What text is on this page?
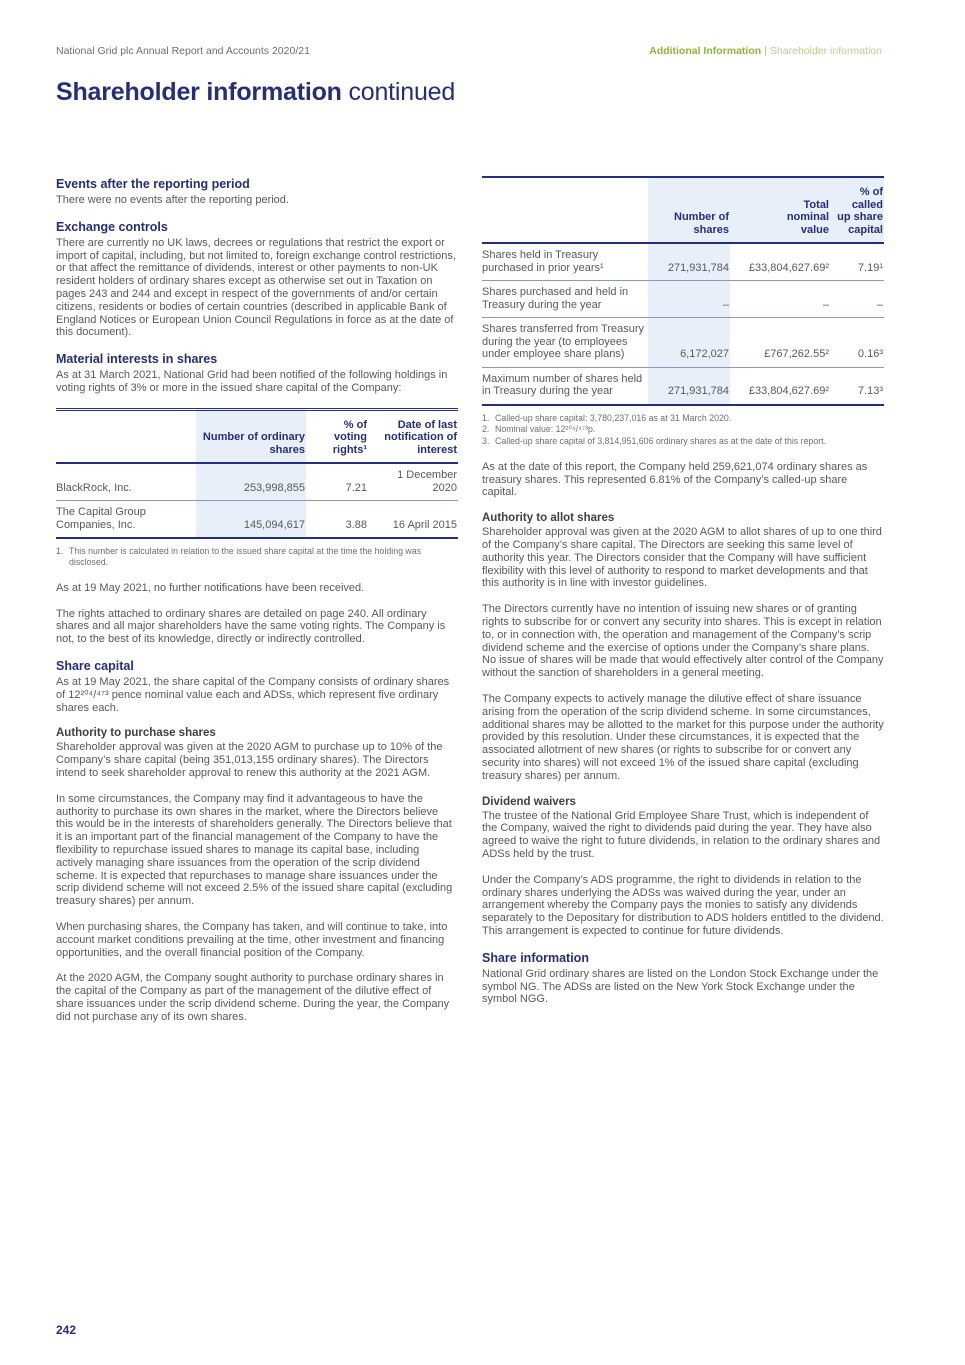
National Grid plc Annual Report and Accounts 2020/21	Additional Information | Shareholder information
Shareholder information continued
Events after the reporting period

There were no events after the reporting period.

Exchange controls

There are currently no UK laws, decrees or regulations that restrict the export or import of capital, including, but not limited to, foreign exchange control restrictions, or that affect the remittance of dividends, interest or other payments to non-UK resident holders of ordinary shares except as otherwise set out in Taxation on pages 243 and 244 and except in respect of the governments of and/or certain citizens, residents or bodies of certain countries (described in applicable Bank of England Notices or European Union Council Regulations in force as at the date of this document).

Material interests in shares

As at 31 March 2021, National Grid had been notified of the following holdings in voting rights of 3% or more in the issued share capital of the Company:

	Number of ordinary shares	% of voting rights¹	Date of last notification of interest
BlackRock, Inc.	253,998,855	7.21	1 December 2020
The Capital Group Companies, Inc.	145,094,617	3.88	16 April 2015
1. This number is calculated in relation to the issued share capital at the time the holding was disclosed.

As at 19 May 2021, no further notifications have been received.

The rights attached to ordinary shares are detailed on page 240. All ordinary shares and all major shareholders have the same voting rights. The Company is not, to the best of its knowledge, directly or indirectly controlled.

Share capital

As at 19 May 2021, the share capital of the Company consists of ordinary shares of 12²⁰⁴/⁴⁷³ pence nominal value each and ADSs, which represent five ordinary shares each.

Authority to purchase shares

Shareholder approval was given at the 2020 AGM to purchase up to 10% of the Company’s share capital (being 351,013,155 ordinary shares). The Directors intend to seek shareholder approval to renew this authority at the 2021 AGM.

In some circumstances, the Company may find it advantageous to have the authority to purchase its own shares in the market, where the Directors believe this would be in the interests of shareholders generally. The Directors believe that it is an important part of the financial management of the Company to have the flexibility to repurchase issued shares to manage its capital base, including actively managing share issuances from the operation of the scrip dividend scheme. It is expected that repurchases to manage share issuances under the scrip dividend scheme will not exceed 2.5% of the issued share capital (excluding treasury shares) per annum.

When purchasing shares, the Company has taken, and will continue to take, into account market conditions prevailing at the time, other investment and financing opportunities, and the overall financial position of the Company.

At the 2020 AGM, the Company sought authority to purchase ordinary shares in the capital of the Company as part of the management of the dilutive effect of share issuances under the scrip dividend scheme. During the year, the Company did not purchase any of its own shares.

	Number of shares	Total nominal value	% of called up share capital
Shares held in Treasury purchased in prior years¹	271,931,784	£33,804,627.69²	7.19¹
Shares purchased and held in Treasury during the year	–	–	–
Shares transferred from Treasury during the year (to employees under employee share plans)	6,172,027	£767,262.55²	0.16³
Maximum number of shares held in Treasury during the year	271,931,784	£33,804,627.69²	7.13³
1. Called-up share capital: 3,780,237,016 as at 31 March 2020.
2. Nominal value: 12²⁰⁴/⁴⁷³p.
3. Called-up share capital of 3,814,951,606 ordinary shares as at the date of this report.

As at the date of this report, the Company held 259,621,074 ordinary shares as treasury shares. This represented 6.81% of the Company’s called-up share capital.

Authority to allot shares

Shareholder approval was given at the 2020 AGM to allot shares of up to one third of the Company’s share capital. The Directors are seeking this same level of authority this year. The Directors consider that the Company will have sufficient flexibility with this level of authority to respond to market developments and that this authority is in line with investor guidelines.

The Directors currently have no intention of issuing new shares or of granting rights to subscribe for or convert any security into shares. This is except in relation to, or in connection with, the operation and management of the Company’s scrip dividend scheme and the exercise of options under the Company’s share plans. No issue of shares will be made that would effectively alter control of the Company without the sanction of shareholders in a general meeting.

The Company expects to actively manage the dilutive effect of share issuance arising from the operation of the scrip dividend scheme. In some circumstances, additional shares may be allotted to the market for this purpose under the authority provided by this resolution. Under these circumstances, it is expected that the associated allotment of new shares (or rights to subscribe for or convert any security into shares) will not exceed 1% of the issued share capital (excluding treasury shares) per annum.

Dividend waivers

The trustee of the National Grid Employee Share Trust, which is independent of the Company, waived the right to dividends paid during the year. They have also agreed to waive the right to future dividends, in relation to the ordinary shares and ADSs held by the trust.

Under the Company’s ADS programme, the right to dividends in relation to the ordinary shares underlying the ADSs was waived during the year, under an arrangement whereby the Company pays the monies to satisfy any dividends separately to the Depositary for distribution to ADS holders entitled to the dividend. This arrangement is expected to continue for future dividends.

Share information

National Grid ordinary shares are listed on the London Stock Exchange under the symbol NG. The ADSs are listed on the New York Stock Exchange under the symbol NGG.

242
